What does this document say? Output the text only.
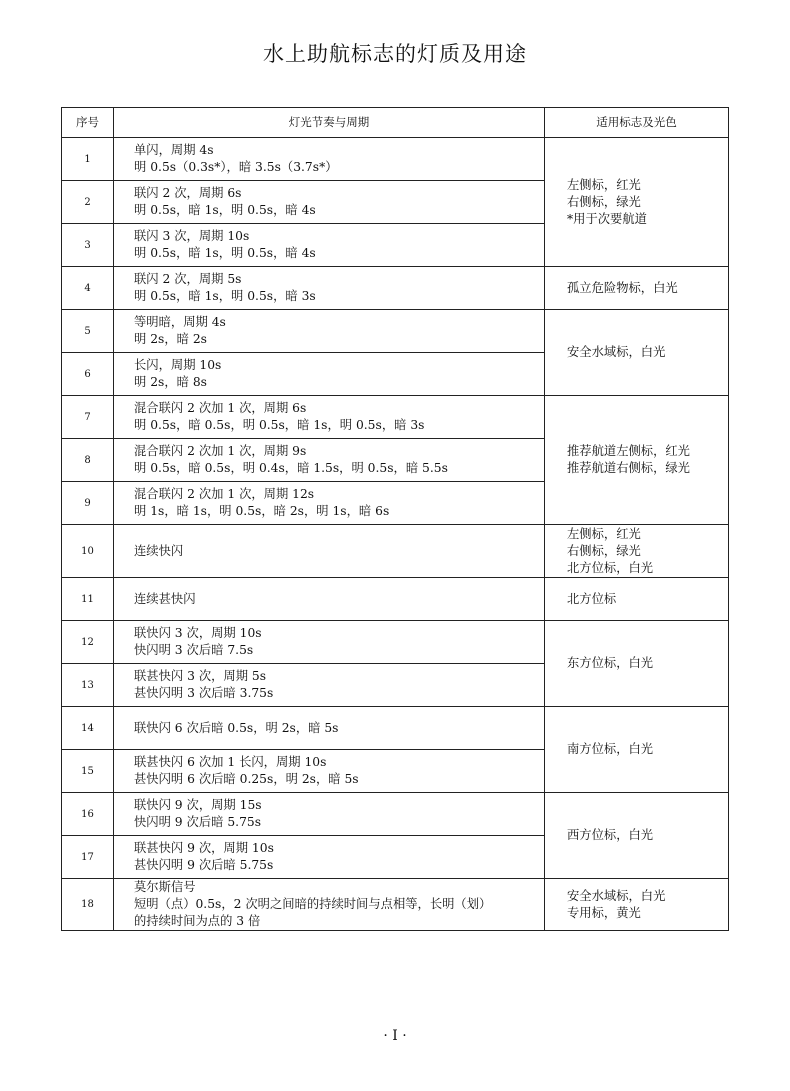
水上助航标志的灯质及用途
序号	灯光节奏与周期	适用标志及光色
1	单闪，周期 4s
明 0.5s（0.3s*），暗 3.5s（3.7s*）	左侧标，红光
右侧标，绿光
*用于次要航道

2	联闪 2 次，周期 6s
明 0.5s，暗 1s，明 0.5s，暗 4s	

3	联闪 3 次，周期 10s
明 0.5s，暗 1s，明 0.5s，暗 4s	

4	联闪 2 次，周期 5s
明 0.5s，暗 1s，明 0.5s，暗 3s	孤立危险物标，白光

5	等明暗，周期 4s
明 2s，暗 2s	安全水域标，白光

6	长闪，周期 10s
明 2s，暗 8s	

7	混合联闪 2 次加 1 次，周期 6s
明 0.5s，暗 0.5s，明 0.5s，暗 1s，明 0.5s，暗 3s	推荐航道左侧标，红光
推荐航道右侧标，绿光

8	混合联闪 2 次加 1 次，周期 9s
明 0.5s，暗 0.5s，明 0.4s，暗 1.5s，明 0.5s，暗 5.5s	

9	混合联闪 2 次加 1 次，周期 12s
明 1s，暗 1s，明 0.5s，暗 2s，明 1s，暗 6s	

10	连续快闪	左侧标，红光
右侧标，绿光
北方位标，白光

11	连续甚快闪	北方位标

12	联快闪 3 次，周期 10s
快闪明 3 次后暗 7.5s	东方位标，白光

13	联甚快闪 3 次，周期 5s
甚快闪明 3 次后暗 3.75s	

14	联快闪 6 次后暗 0.5s，明 2s，暗 5s	南方位标，白光

15	联甚快闪 6 次加 1 长闪，周期 10s
甚快闪明 6 次后暗 0.25s，明 2s，暗 5s	

16	联快闪 9 次，周期 15s
快闪明 9 次后暗 5.75s	西方位标，白光

17	联甚快闪 9 次，周期 10s
甚快闪明 9 次后暗 5.75s	

18	莫尔斯信号
短明（点）0.5s，2 次明之间暗的持续时间与点相等，长明（划）
的持续时间为点的 3 倍	安全水域标，白光
专用标，黄光
· I ·
